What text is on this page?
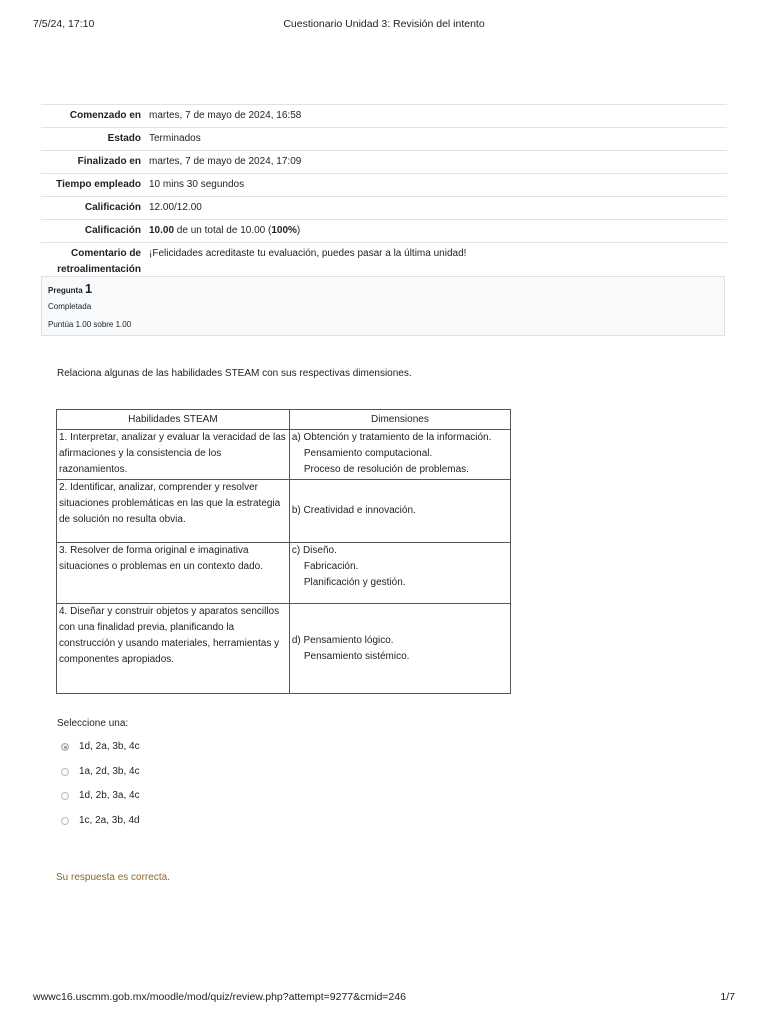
7/5/24, 17:10	Cuestionario Unidad 3: Revisión del intento
Comenzado en	martes, 7 de mayo de 2024, 16:58
Estado	Terminados
Finalizado en	martes, 7 de mayo de 2024, 17:09
Tiempo empleado	10 mins 30 segundos
Calificación	12.00/12.00
Calificación	10.00 de un total de 10.00 (100%)
Comentario de retroalimentación	¡Felicidades acreditaste tu evaluación, puedes pasar a la última unidad!
Pregunta 1
Completada
Puntúa 1.00 sobre 1.00
Relaciona algunas de las habilidades STEAM con sus respectivas dimensiones.
Habilidades STEAM	Dimensiones
1. Interpretar, analizar y evaluar la veracidad de las afirmaciones y la consistencia de los razonamientos.	a) Obtención y tratamiento de la información.
Pensamiento computacional.
Proceso de resolución de problemas.

2. Identificar, analizar, comprender y resolver situaciones problemáticas en las que la estrategia de solución no resulta obvia.	b) Creatividad e innovación.
3. Resolver de forma original e imaginativa situaciones o problemas en un contexto dado.	c) Diseño.
Fabricación.
Planificación y gestión.

4. Diseñar y construir objetos y aparatos sencillos con una finalidad previa, planificando la construcción y usando materiales, herramientas y componentes apropiados.	d) Pensamiento lógico.
Pensamiento sistémico.
Seleccione una:
1d, 2a, 3b, 4c
1a, 2d, 3b, 4c
1d, 2b, 3a, 4c
1c, 2a, 3b, 4d
Su respuesta es correcta.
wwwc16.uscmm.gob.mx/moodle/mod/quiz/review.php?attempt=9277&cmid=246	1/7
